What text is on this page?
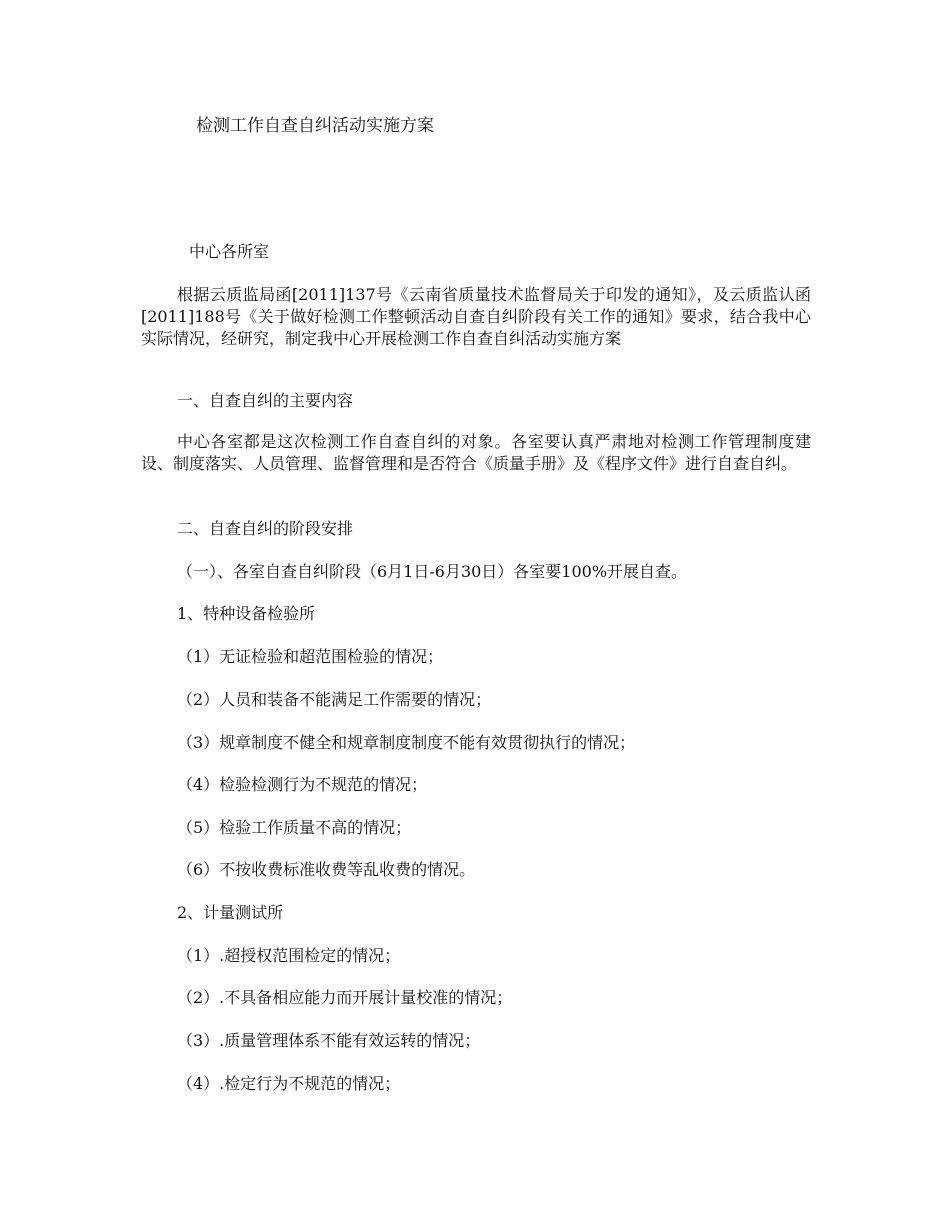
检测工作自查自纠活动实施方案
中心各所室
根据云质监局函[2011]137号《云南省质量技术监督局关于印发的通知》，及云质监认函[2011]188号《关于做好检测工作整顿活动自查自纠阶段有关工作的通知》要求，结合我中心实际情况，经研究，制定我中心开展检测工作自查自纠活动实施方案
一、自查自纠的主要内容
中心各室都是这次检测工作自查自纠的对象。各室要认真严肃地对检测工作管理制度建设、制度落实、人员管理、监督管理和是否符合《质量手册》及《程序文件》进行自查自纠。
二、自查自纠的阶段安排
（一）、各室自查自纠阶段（6月1日-6月30日）各室要100%开展自查。
1、特种设备检验所
（1）无证检验和超范围检验的情况；
（2）人员和装备不能满足工作需要的情况；
（3）规章制度不健全和规章制度制度不能有效贯彻执行的情况；
（4）检验检测行为不规范的情况；
（5）检验工作质量不高的情况；
（6）不按收费标准收费等乱收费的情况。
2、计量测试所
（1）.超授权范围检定的情况；
（2）.不具备相应能力而开展计量校准的情况；
（3）.质量管理体系不能有效运转的情况；
（4）.检定行为不规范的情况；
